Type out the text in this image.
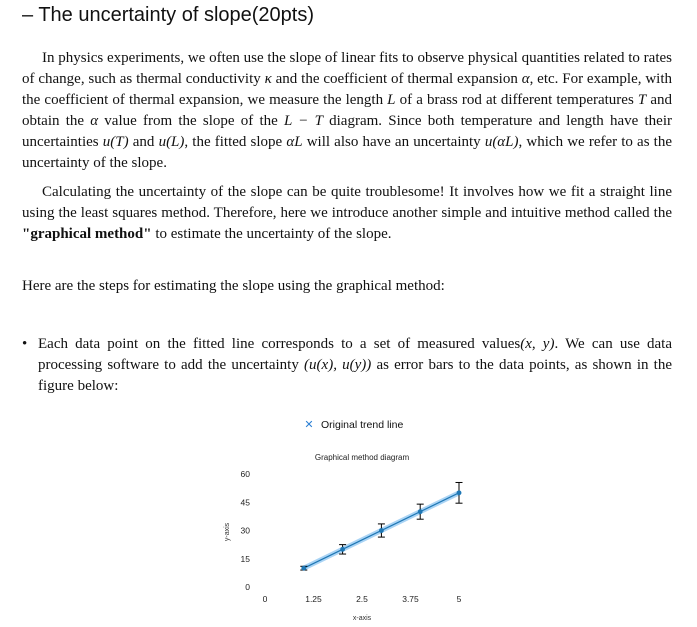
– The uncertainty of slope(20pts)

In physics experiments, we often use the slope of linear fits to observe physical quantities related to rates of change, such as thermal conductivity κ and the coefficient of thermal expansion α, etc. For example, with the coefficient of thermal expansion, we measure the length L of a brass rod at different temperatures T and obtain the α value from the slope of the L − T diagram. Since both temperature and length have their uncertainties u(T) and u(L), the fitted slope αL will also have an uncertainty u(αL), which we refer to as the uncertainty of the slope.

Calculating the uncertainty of the slope can be quite troublesome! It involves how we fit a straight line using the least squares method. Therefore, here we introduce another simple and intuitive method called the "graphical method" to estimate the uncertainty of the slope.

Here are the steps for estimating the slope using the graphical method:

• Each data point on the fitted line corresponds to a set of measured values(x, y). We can use data processing software to add the uncertainty (u(x), u(y)) as error bars to the data points, as shown in the figure below:

✕ Original trend line
Graphical method diagram
y-axis
x-axis
0
15
30
45
60
0	1.25	2.5	3.75	5
